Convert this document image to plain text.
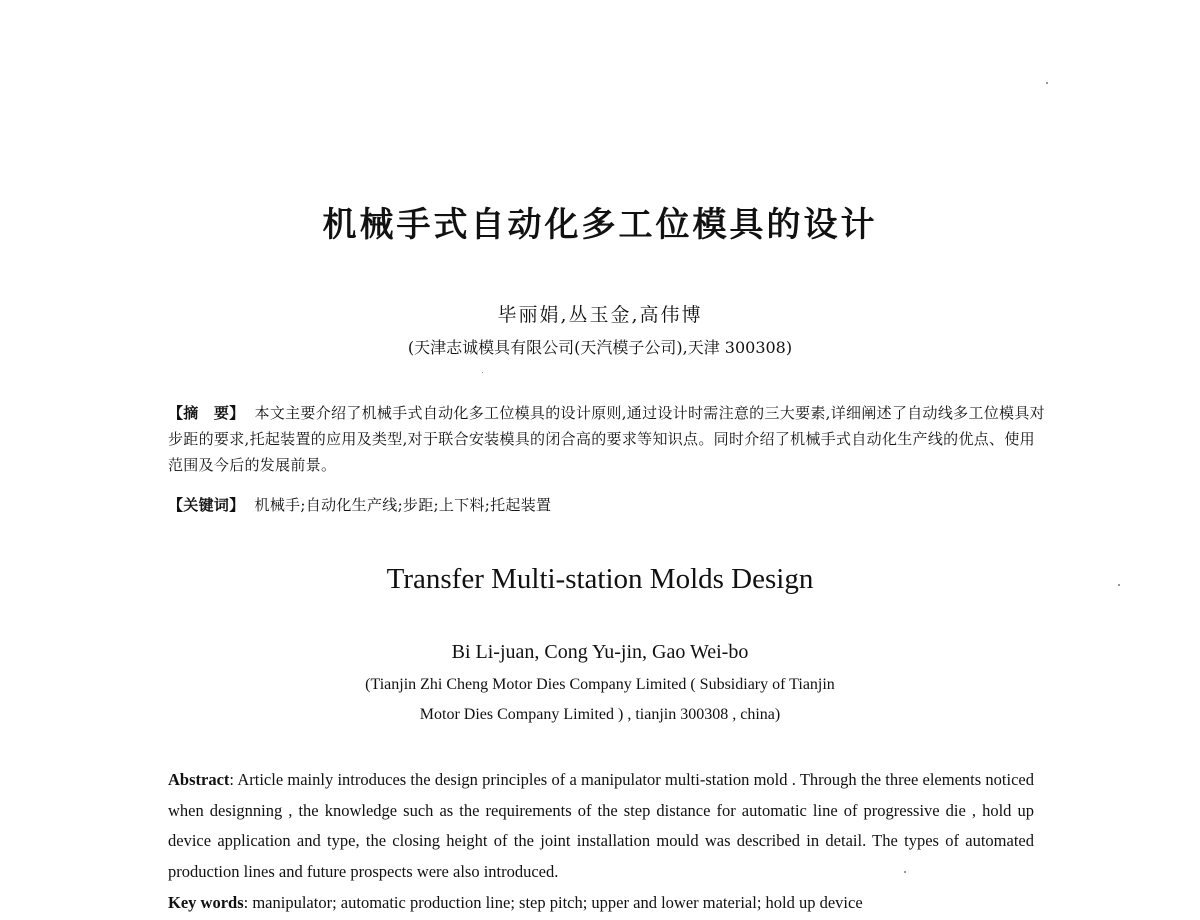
机械手式自动化多工位模具的设计
毕丽娟,丛玉金,高伟博
(天津志诚模具有限公司(天汽模子公司),天津 300308)
【摘　要】 本文主要介绍了机械手式自动化多工位模具的设计原则,通过设计时需注意的三大要素,详细阐述了自动线多工位模具对步距的要求,托起装置的应用及类型,对于联合安装模具的闭合高的要求等知识点。同时介绍了机械手式自动化生产线的优点、使用范围及今后的发展前景。
【关键词】 机械手;自动化生产线;步距;上下料;托起装置
Transfer Multi-station Molds Design
Bi Li-juan, Cong Yu-jin, Gao Wei-bo
(Tianjin Zhi Cheng Motor Dies Company Limited ( Subsidiary of Tianjin
Motor Dies Company Limited ) , tianjin 300308 , china)
Abstract: Article mainly introduces the design principles of a manipulator multi-station mold . Through the three elements noticed when designning , the knowledge such as the requirements of the step distance for automatic line of progressive die , hold up device application and type, the closing height of the joint installation mould was described in detail. The types of automated production lines and future prospects were also introduced.
Key words: manipulator; automatic production line; step pitch; upper and lower material; hold up device
